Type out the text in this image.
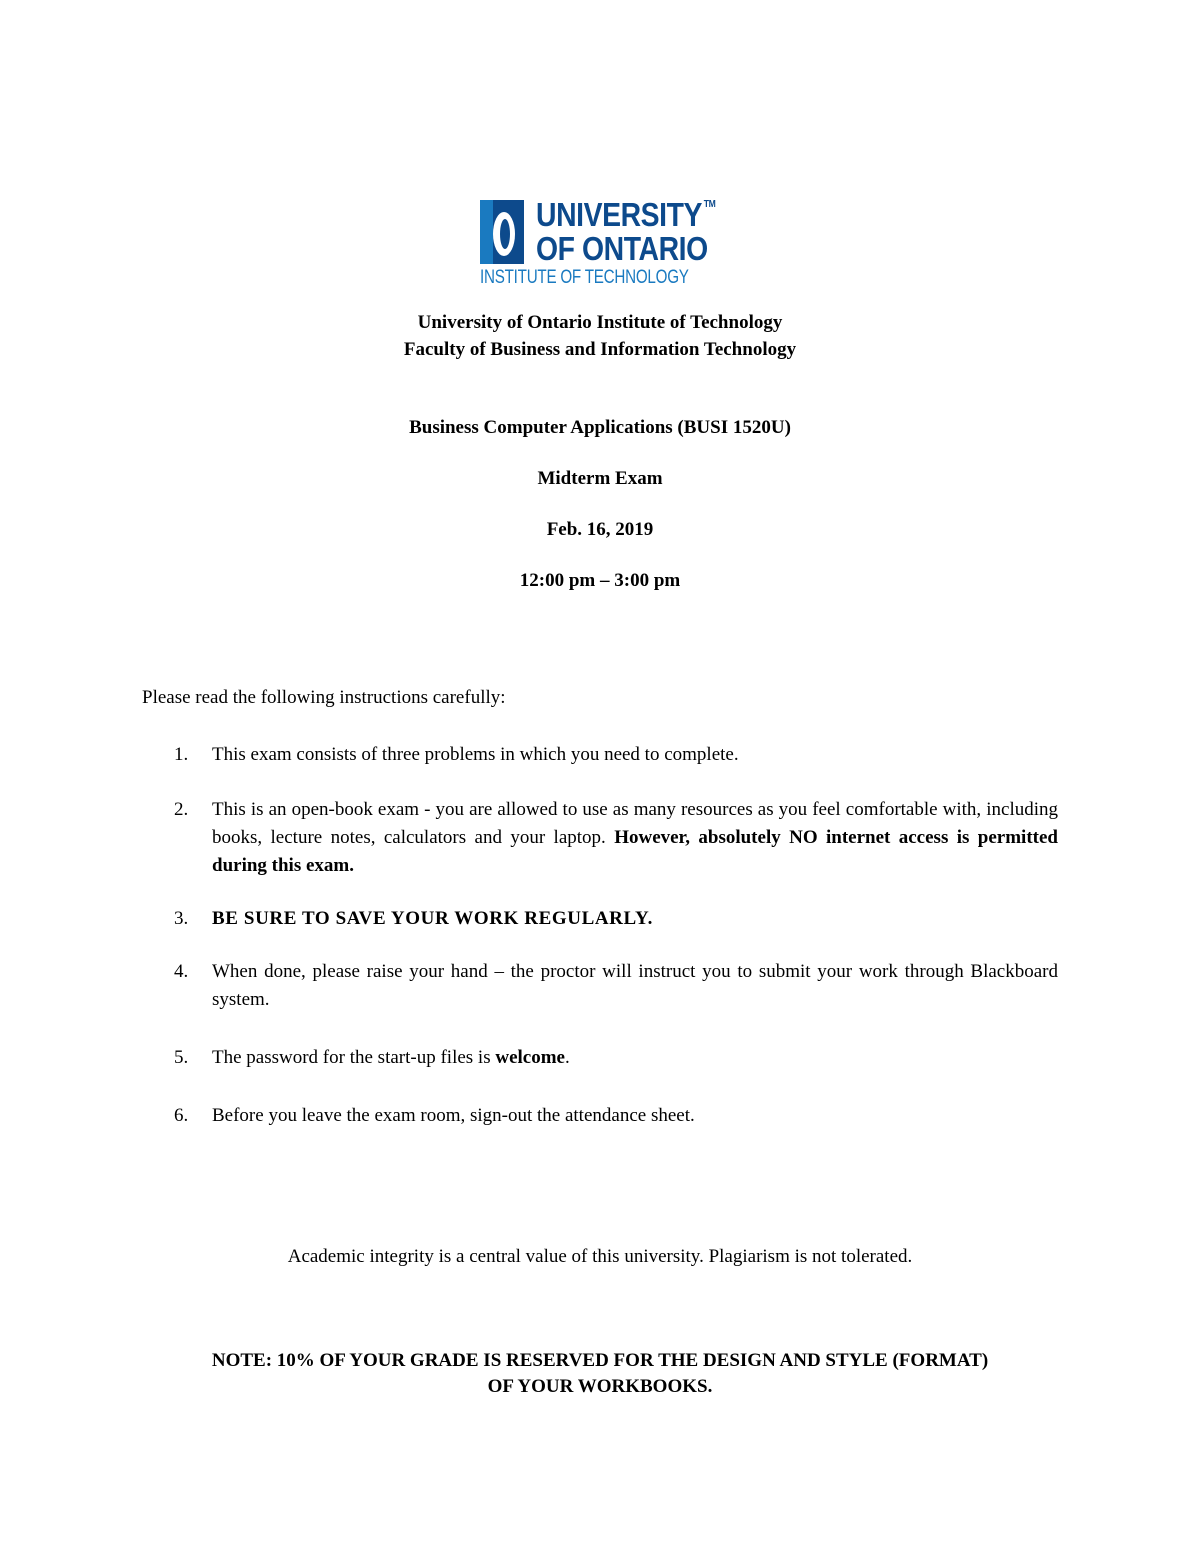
UNIVERSITY ™
OF ONTARIO
INSTITUTE OF TECHNOLOGY
University of Ontario Institute of Technology
Faculty of Business and Information Technology
Business Computer Applications (BUSI 1520U)
Midterm Exam
Feb. 16, 2019
12:00 pm – 3:00 pm
Please read the following instructions carefully:
1. This exam consists of three problems in which you need to complete.
2. This is an open-book exam - you are allowed to use as many resources as you feel comfortable with, including books, lecture notes, calculators and your laptop. However, absolutely NO internet access is permitted during this exam.
3. BE SURE TO SAVE YOUR WORK REGULARLY.
4. When done, please raise your hand – the proctor will instruct you to submit your work through Blackboard system.
5. The password for the start-up files is welcome.
6. Before you leave the exam room, sign-out the attendance sheet.
Academic integrity is a central value of this university. Plagiarism is not tolerated.
NOTE: 10% OF YOUR GRADE IS RESERVED FOR THE DESIGN AND STYLE (FORMAT)
OF YOUR WORKBOOKS.
